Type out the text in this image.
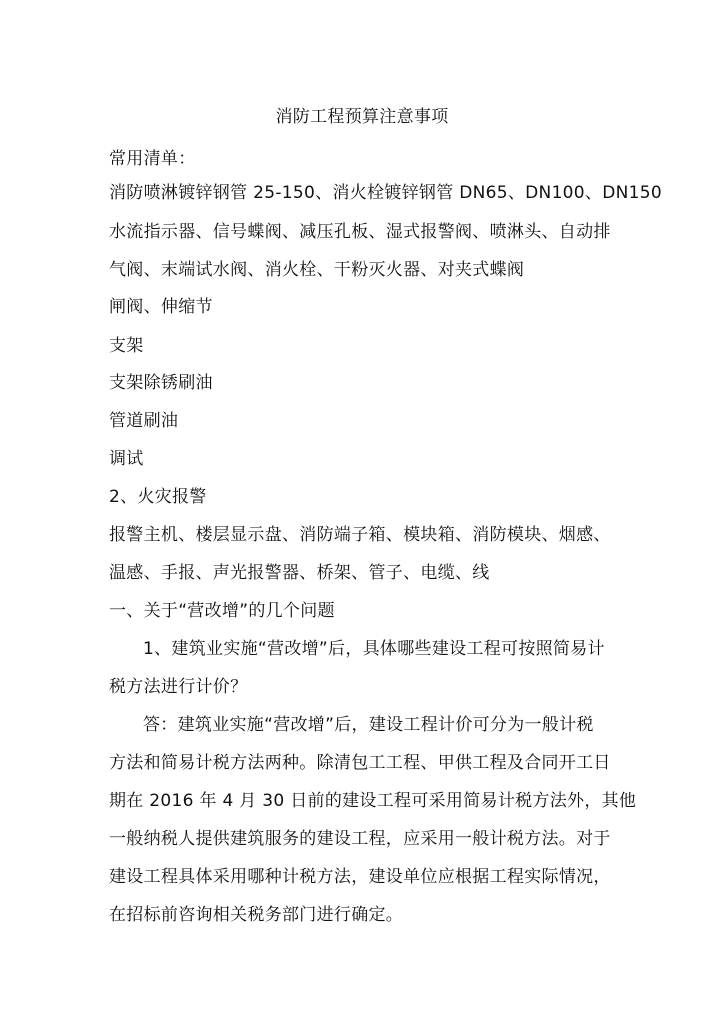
消防工程预算注意事项
常用清单：
消防喷淋镀锌钢管 25-150、消火栓镀锌钢管 DN65、DN100、DN150
水流指示器、信号蝶阀、减压孔板、湿式报警阀、喷淋头、自动排
气阀、末端试水阀、消火栓、干粉灭火器、对夹式蝶阀
闸阀、伸缩节
支架
支架除锈刷油
管道刷油
调试
2、火灾报警
报警主机、楼层显示盘、消防端子箱、模块箱、消防模块、烟感、
温感、手报、声光报警器、桥架、管子、电缆、线
一、关于“营改增”的几个问题
1、建筑业实施“营改增”后，具体哪些建设工程可按照简易计
税方法进行计价？
答：建筑业实施“营改增”后，建设工程计价可分为一般计税
方法和简易计税方法两种。除清包工工程、甲供工程及合同开工日
期在 2016 年 4 月 30 日前的建设工程可采用简易计税方法外，其他
一般纳税人提供建筑服务的建设工程，应采用一般计税方法。对于
建设工程具体采用哪种计税方法，建设单位应根据工程实际情况，
在招标前咨询相关税务部门进行确定。
